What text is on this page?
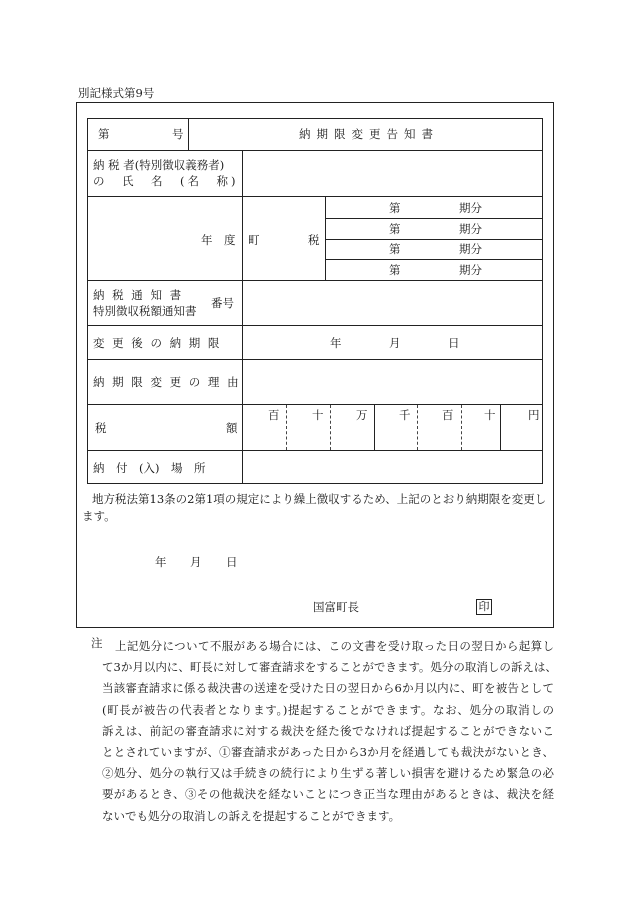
別記様式第9号
第	号	納期限変更告知書
納 税 者(特別徴収義務者)
の　氏　名　(名　称)
年　度 町	税
第	期分
第	期分
第	期分
第	期分
納 税 通 知 書
特別徴収税額通知書
番号
変 更 後 の 納 期 限	年	月	日
納 期 限 変 更 の 理 由
税	額
百	十	万	千	百	十	円
納　付　(入)　場　所
地方税法第13条の2第1項の規定により繰上徴収するため、上記のとおり納期限を変更し
ます。
年 月 日
国富町長	印
注	上記処分について不服がある場合には、この文書を受け取った日の翌日から起算し
て3か月以内に、町長に対して審査請求をすることができます。処分の取消しの訴えは、
当該審査請求に係る裁決書の送達を受けた日の翌日から6か月以内に、町を被告として
(町長が被告の代表者となります。)提起することができます。なお、処分の取消しの
訴えは、前記の審査請求に対する裁決を経た後でなければ提起することができないこ
ととされていますが、①審査請求があった日から3か月を経過しても裁決がないとき、
②処分、処分の執行又は手続きの続行により生ずる著しい損害を避けるため緊急の必
要があるとき、③その他裁決を経ないことにつき正当な理由があるときは、裁決を経
ないでも処分の取消しの訴えを提起することができます。
